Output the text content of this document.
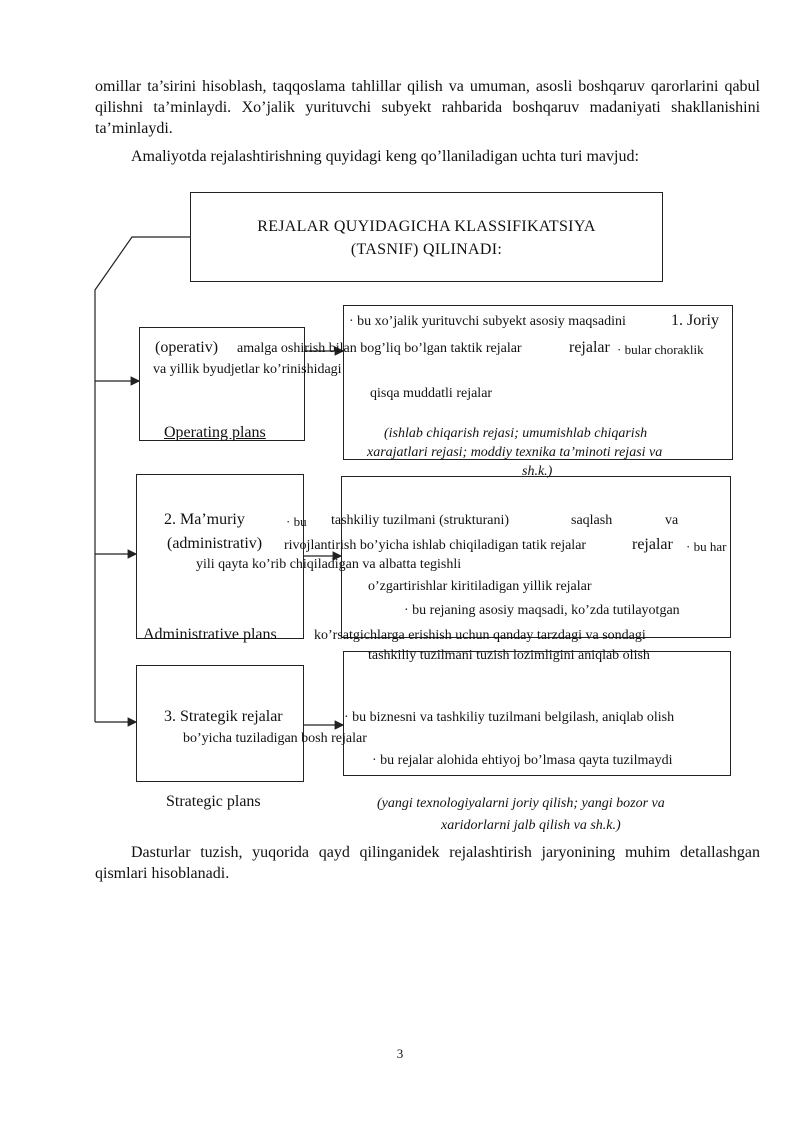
omillar ta’sirini hisoblash, taqqoslama tahlillar qilish va umuman, asosli boshqaruv qarorlarini qabul qilishni ta’minlaydi. Xo’jalik yurituvchi subyekt rahbarida boshqaruv madaniyati shakllanishini ta’minlaydi.

Amaliyotda rejalashtirishning quyidagi keng qo’llaniladigan uchta turi mavjud:

REJALAR QUYIDAGICHA KLASSIFIKATSIYA
(TASNIF) QILINADI:
· bu xo’jalik yurituvchi subyekt asosiy maqsadini	1. Joriy
(operativ) amalga oshirish bilan bog’liq bo’lgan taktik rejalar	rejalar · bular choraklik
va yillik byudjetlar ko’rinishidagi
qisqa muddatli rejalar
Operating plans	(ishlab chiqarish rejasi; umumishlab chiqarish
xarajatlari rejasi; moddiy texnika ta’minoti rejasi va
sh.k.)
2. Ma’muriy	· bu tashkiliy tuzilmani (strukturani)	saqlash	va
(administrativ) rivojlantirish bo’yicha ishlab chiqiladigan tatik rejalar	rejalar · bu har
yili qayta ko’rib chiqiladigan va albatta tegishli
o’zgartirishlar kiritiladigan yillik rejalar
· bu rejaning asosiy maqsadi, ko’zda tutilayotgan
Administrative plans	ko’rsatgichlarga erishish uchun qanday tarzdagi va sondagi
tashkiliy tuzilmani tuzish lozimligini aniqlab olish
3. Strategik rejalar	· bu biznesni va tashkiliy tuzilmani belgilash, aniqlab olish
bo’yicha tuziladigan bosh rejalar
· bu rejalar alohida ehtiyoj bo’lmasa qayta tuzilmaydi
Strategic plans	(yangi texnologiyalarni joriy qilish; yangi bozor va
xaridorlarni jalb qilish va sh.k.)

Dasturlar tuzish, yuqorida qayd qilinganidek rejalashtirish jaryonining muhim detallashgan qismlari hisoblanadi.

3
